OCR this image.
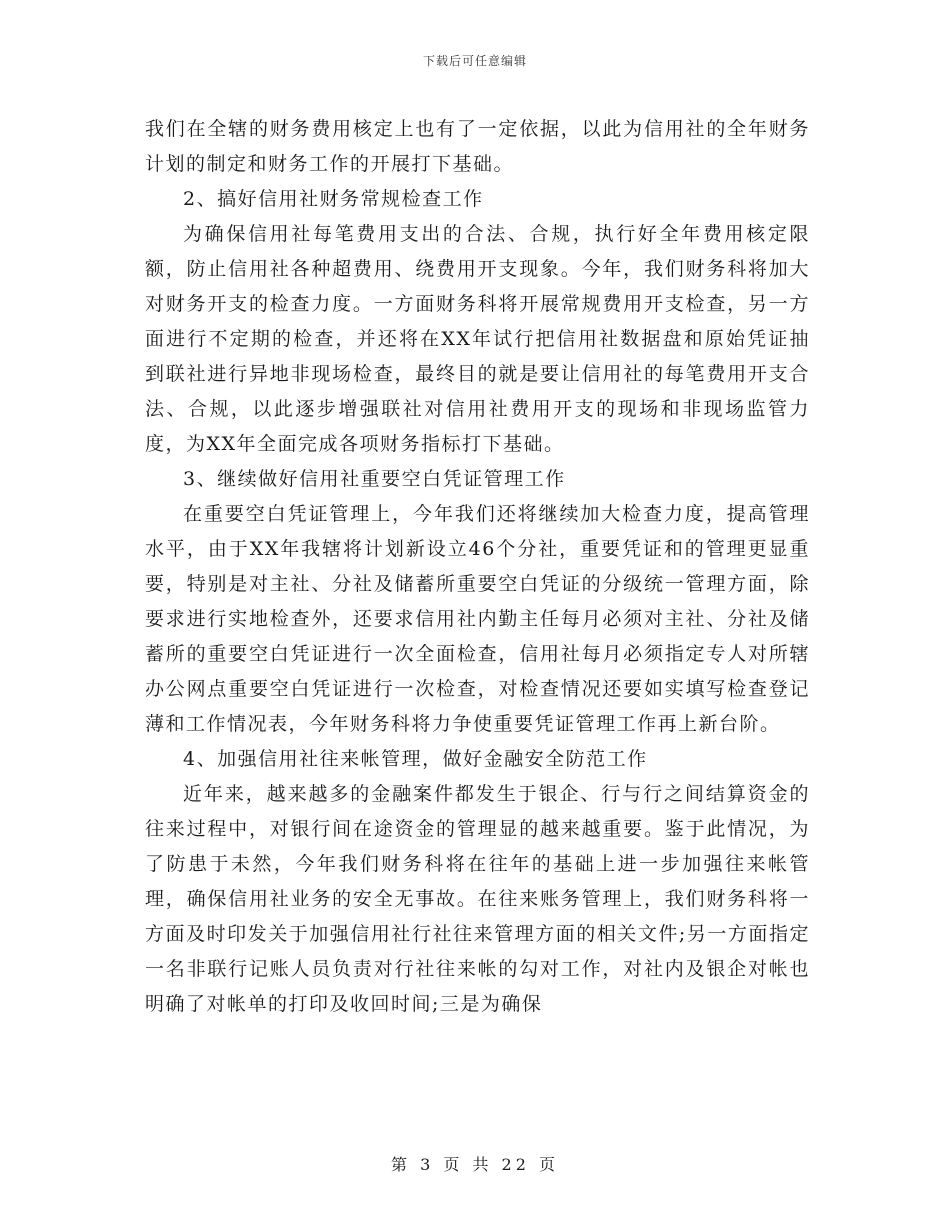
下载后可任意编辑

我们在全辖的财务费用核定上也有了一定依据，以此为信用社的全年财务计划的制定和财务工作的开展打下基础。

2、搞好信用社财务常规检查工作

为确保信用社每笔费用支出的合法、合规，执行好全年费用核定限额，防止信用社各种超费用、绕费用开支现象。今年，我们财务科将加大对财务开支的检查力度。一方面财务科将开展常规费用开支检查，另一方面进行不定期的检查，并还将在XX年试行把信用社数据盘和原始凭证抽到联社进行异地非现场检查，最终目的就是要让信用社的每笔费用开支合法、合规，以此逐步增强联社对信用社费用开支的现场和非现场监管力度，为XX年全面完成各项财务指标打下基础。

3、继续做好信用社重要空白凭证管理工作

在重要空白凭证管理上，今年我们还将继续加大检查力度，提高管理水平，由于XX年我辖将计划新设立46个分社，重要凭证和的管理更显重要，特别是对主社、分社及储蓄所重要空白凭证的分级统一管理方面，除要求进行实地检查外，还要求信用社内勤主任每月必须对主社、分社及储蓄所的重要空白凭证进行一次全面检查，信用社每月必须指定专人对所辖办公网点重要空白凭证进行一次检查，对检查情况还要如实填写检查登记薄和工作情况表，今年财务科将力争使重要凭证管理工作再上新台阶。

4、加强信用社往来帐管理，做好金融安全防范工作

近年来，越来越多的金融案件都发生于银企、行与行之间结算资金的往来过程中，对银行间在途资金的管理显的越来越重要。鉴于此情况，为了防患于未然，今年我们财务科将在往年的基础上进一步加强往来帐管理，确保信用社业务的安全无事故。在往来账务管理上，我们财务科将一方面及时印发关于加强信用社行社往来管理方面的相关文件;另一方面指定一名非联行记账人员负责对行社往来帐的勾对工作，对社内及银企对帐也明确了对帐单的打印及收回时间;三是为确保

第 3 页 共 22 页
